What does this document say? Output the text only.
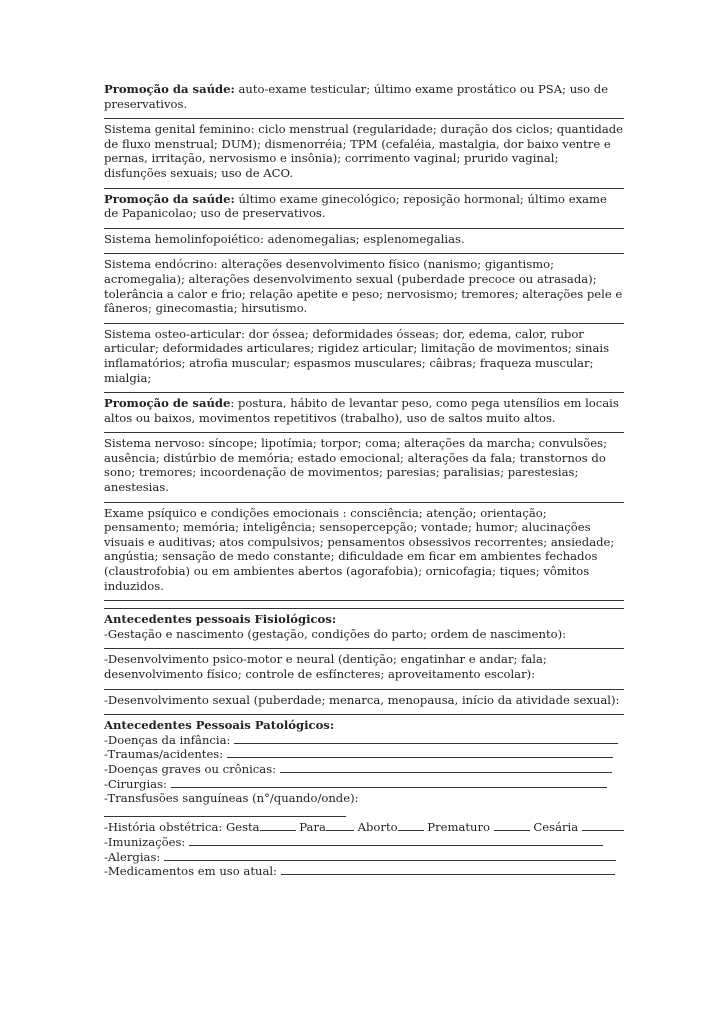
Promoção da saúde: auto-exame testicular; último exame prostático ou PSA; uso de preservativos.

Sistema genital feminino: ciclo menstrual (regularidade; duração dos ciclos; quantidade de fluxo menstrual; DUM); dismenorréia; TPM (cefaléia, mastalgia, dor baixo ventre e pernas, irritação, nervosismo e insônia); corrimento vaginal; prurido vaginal; disfunções sexuais; uso de ACO.

Promoção da saúde: último exame ginecológico; reposição hormonal; último exame de Papanicolao; uso de preservativos.

Sistema hemolinfopoiético: adenomegalias; esplenomegalias.

Sistema endócrino: alterações desenvolvimento físico (nanismo; gigantismo; acromegalia); alterações desenvolvimento sexual (puberdade precoce ou atrasada); tolerância a calor e frio; relação apetite e peso; nervosismo; tremores; alterações pele e fâneros; ginecomastia; hirsutismo.

Sistema osteo-articular: dor óssea; deformidades ósseas; dor, edema, calor, rubor articular; deformidades articulares; rigidez articular; limitação de movimentos; sinais inflamatórios; atrofia muscular; espasmos musculares; câibras; fraqueza muscular; mialgia;

Promoção de saúde: postura, hábito de levantar peso, como pega utensílios em locais altos ou baixos, movimentos repetitivos (trabalho), uso de saltos muito altos.

Sistema nervoso: síncope; lipotímia; torpor; coma; alterações da marcha; convulsões; ausência; distúrbio de memória; estado emocional; alterações da fala; transtornos do sono; tremores; incoordenação de movimentos; paresias; paralisias; parestesias; anestesias.

Exame psíquico e condições emocionais : consciência; atenção; orientação; pensamento; memória; inteligência; sensopercepção; vontade; humor; alucinações visuais e auditivas; atos compulsivos; pensamentos obsessivos recorrentes; ansiedade; angústia; sensação de medo constante; dificuldade em ficar em ambientes fechados (claustrofobia) ou em ambientes abertos (agorafobia); ornicofagia; tiques; vômitos induzidos.

Antecedentes pessoais Fisiológicos:

-Gestação e nascimento (gestação, condições do parto; ordem de nascimento):

-Desenvolvimento psico-motor e neural (dentição; engatinhar e andar; fala; desenvolvimento físico; controle de esfíncteres; aproveitamento escolar):

-Desenvolvimento sexual (puberdade; menarca, menopausa, início da atividade sexual):

Antecedentes Pessoais Patológicos:

-Doenças da infância:
-Traumas/acidentes:
-Doenças graves ou crônicas:
-Cirurgias:
-Transfusões sanguíneas (n°/quando/onde):
-História obstétrica: Gesta	Para Aborto Prematuro	Cesária
-Imunizações:
-Alergias:
-Medicamentos em uso atual:
